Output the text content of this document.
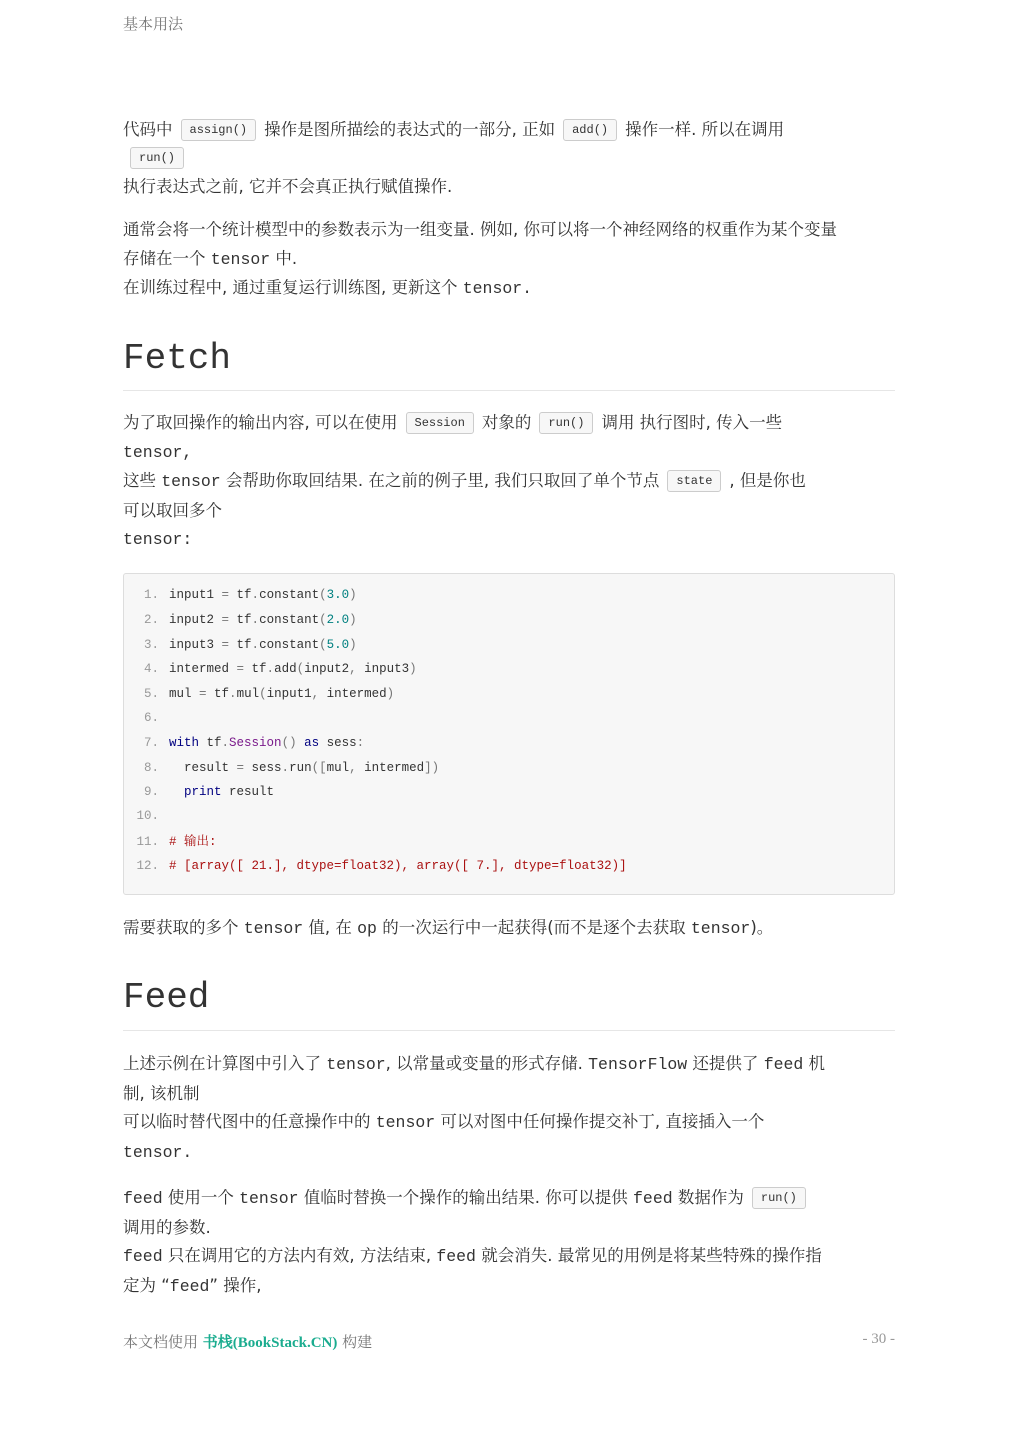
基本用法

代码中 assign() 操作是图所描绘的表达式的一部分, 正如 add() 操作一样. 所以在调用
run()
执行表达式之前, 它并不会真正执行赋值操作.

通常会将一个统计模型中的参数表示为一组变量. 例如, 你可以将一个神经网络的权重作为某个变量
存储在一个 tensor 中.
在训练过程中, 通过重复运行训练图, 更新这个 tensor.

Fetch

为了取回操作的输出内容, 可以在使用 Session 对象的 run() 调用 执行图时, 传入一些
tensor,
这些 tensor 会帮助你取回结果. 在之前的例子里, 我们只取回了单个节点 state , 但是你也
可以取回多个
tensor:

1. input1 = tf.constant(3.0)
2. input2 = tf.constant(2.0)
3. input3 = tf.constant(5.0)
4. intermed = tf.add(input2, input3)
5. mul = tf.mul(input1, intermed)
6.
7. with tf.Session() as sess:
8.  result = sess.run([mul, intermed])
9. print result
10.
11. # 输出:
12. # [array([ 21.], dtype=float32), array([ 7.], dtype=float32)]

需要获取的多个 tensor 值, 在 op 的一次运行中一起获得(而不是逐个去获取 tensor)。

Feed

上述示例在计算图中引入了 tensor, 以常量或变量的形式存储. TensorFlow 还提供了 feed 机
制, 该机制
可以临时替代图中的任意操作中的 tensor 可以对图中任何操作提交补丁, 直接插入一个
tensor.

feed 使用一个 tensor 值临时替换一个操作的输出结果. 你可以提供 feed 数据作为 run()
调用的参数.
feed 只在调用它的方法内有效, 方法结束, feed 就会消失. 最常见的用例是将某些特殊的操作指
定为 “feed” 操作,

本文档使用 书栈(BookStack.CN) 构建	- 30 -
